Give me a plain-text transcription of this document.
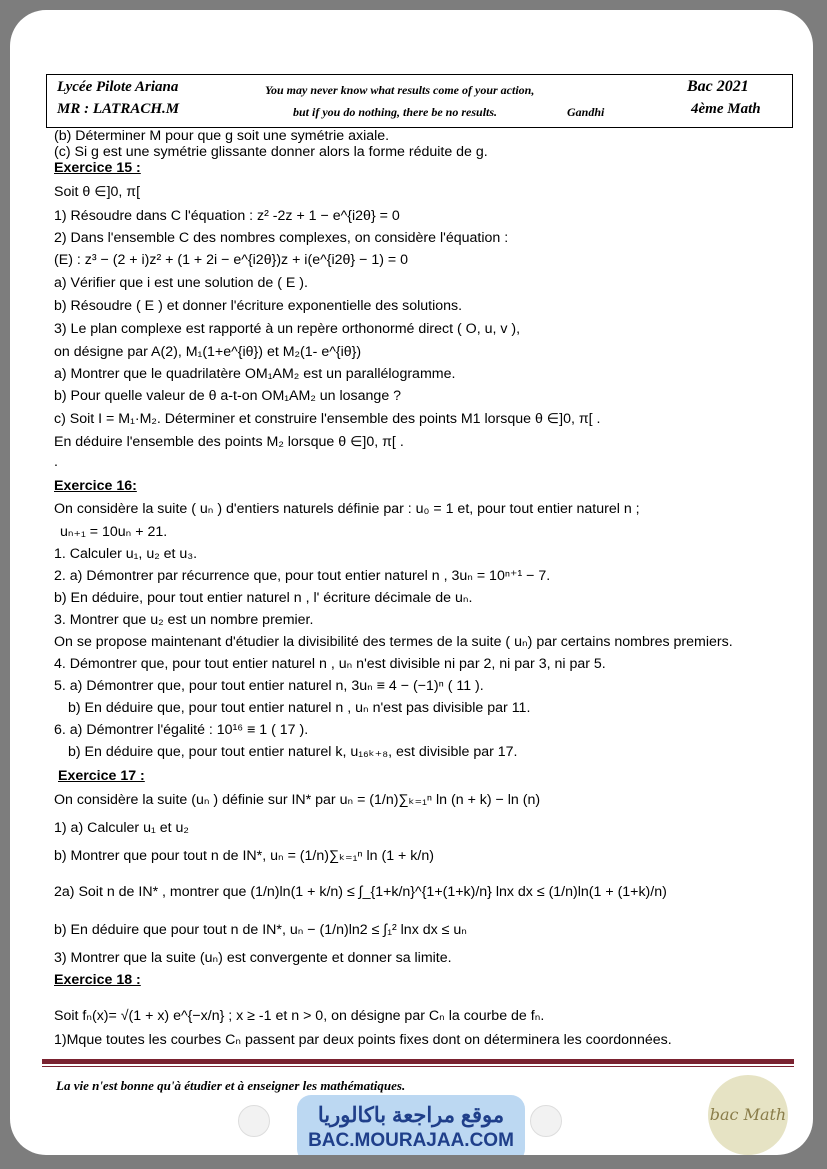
Lycée Pilote Ariana
MR : LATRACH.M
You may never know what results come of your action,
but if you do nothing, there be no results.	Gandhi
Bac 2021
4ème Math
(b) Déterminer M pour que g soit une symétrie axiale.
(c) Si g est une symétrie glissante donner alors la forme réduite de g.
Exercice 15 :
Soit θ ∈]0, π[
1) Résoudre dans C l'équation : z² -2z + 1 − e^{i2θ} = 0
2) Dans l'ensemble C des nombres complexes, on considère l'équation :
(E) : z³ − (2 + i)z² + (1 + 2i − e^{i2θ})z + i(e^{i2θ} − 1) = 0
a) Vérifier que i est une solution de ( E ).
b) Résoudre ( E ) et donner l'écriture exponentielle des solutions.
3) Le plan complexe est rapporté à un repère orthonormé direct ( O, u, v ),
on désigne par A(2), M₁(1+e^{iθ}) et M₂(1- e^{iθ})
a) Montrer que le quadrilatère OM₁AM₂ est un parallélogramme.
b) Pour quelle valeur de θ a-t-on OM₁AM₂ un losange ?
c) Soit I = M₁·M₂. Déterminer et construire l'ensemble des points M1 lorsque θ ∈]0, π[ .
En déduire l'ensemble des points M₂ lorsque θ ∈]0, π[ .
.
Exercice 16:
On considère la suite ( uₙ ) d'entiers naturels définie par : u₀ = 1 et, pour tout entier naturel n ;
uₙ₊₁ = 10uₙ + 21.
1. Calculer u₁, u₂ et u₃.
2. a) Démontrer par récurrence que, pour tout entier naturel n , 3uₙ = 10ⁿ⁺¹ − 7.
b) En déduire, pour tout entier naturel n , l' écriture décimale de uₙ.
3. Montrer que u₂ est un nombre premier.
On se propose maintenant d'étudier la divisibilité des termes de la suite ( uₙ) par certains nombres premiers.
4. Démontrer que, pour tout entier naturel n , uₙ n'est divisible ni par 2, ni par 3, ni par 5.
5. a) Démontrer que, pour tout entier naturel n, 3uₙ ≡ 4 − (−1)ⁿ ( 11 ).
b) En déduire que, pour tout entier naturel n , uₙ n'est pas divisible par 11.
6. a) Démontrer l'égalité : 10¹⁶ ≡ 1 ( 17 ).
b) En déduire que, pour tout entier naturel k, u₁₆ₖ₊₈, est divisible par 17.
Exercice 17 :
On considère la suite (uₙ ) définie sur IN* par uₙ = (1/n)∑ₖ₌₁ⁿ ln (n + k) − ln (n)
1) a) Calculer u₁ et u₂
b) Montrer que pour tout n de IN*, uₙ = (1/n)∑ₖ₌₁ⁿ ln (1 + k/n)
2a) Soit n de IN* , montrer que (1/n)ln(1 + k/n) ≤ ∫_{1+k/n}^{1+(1+k)/n} lnx dx ≤ (1/n)ln(1 + (1+k)/n)
b) En déduire que pour tout n de IN*, uₙ − (1/n)ln2 ≤ ∫₁² lnx dx ≤ uₙ
3) Montrer que la suite (uₙ) est convergente et donner sa limite.
Exercice 18 :
Soit fₙ(x)= √(1 + x) e^{−x/n} ; x ≥ -1 et n > 0, on désigne par Cₙ la courbe de fₙ.
1)Mque toutes les courbes Cₙ passent par deux points fixes dont on déterminera les coordonnées.
La vie n'est bonne qu'à étudier et à enseigner les mathématiques.
موقع مراجعة باكالوريا
BAC.MOURAJAA.COM
bac Math
